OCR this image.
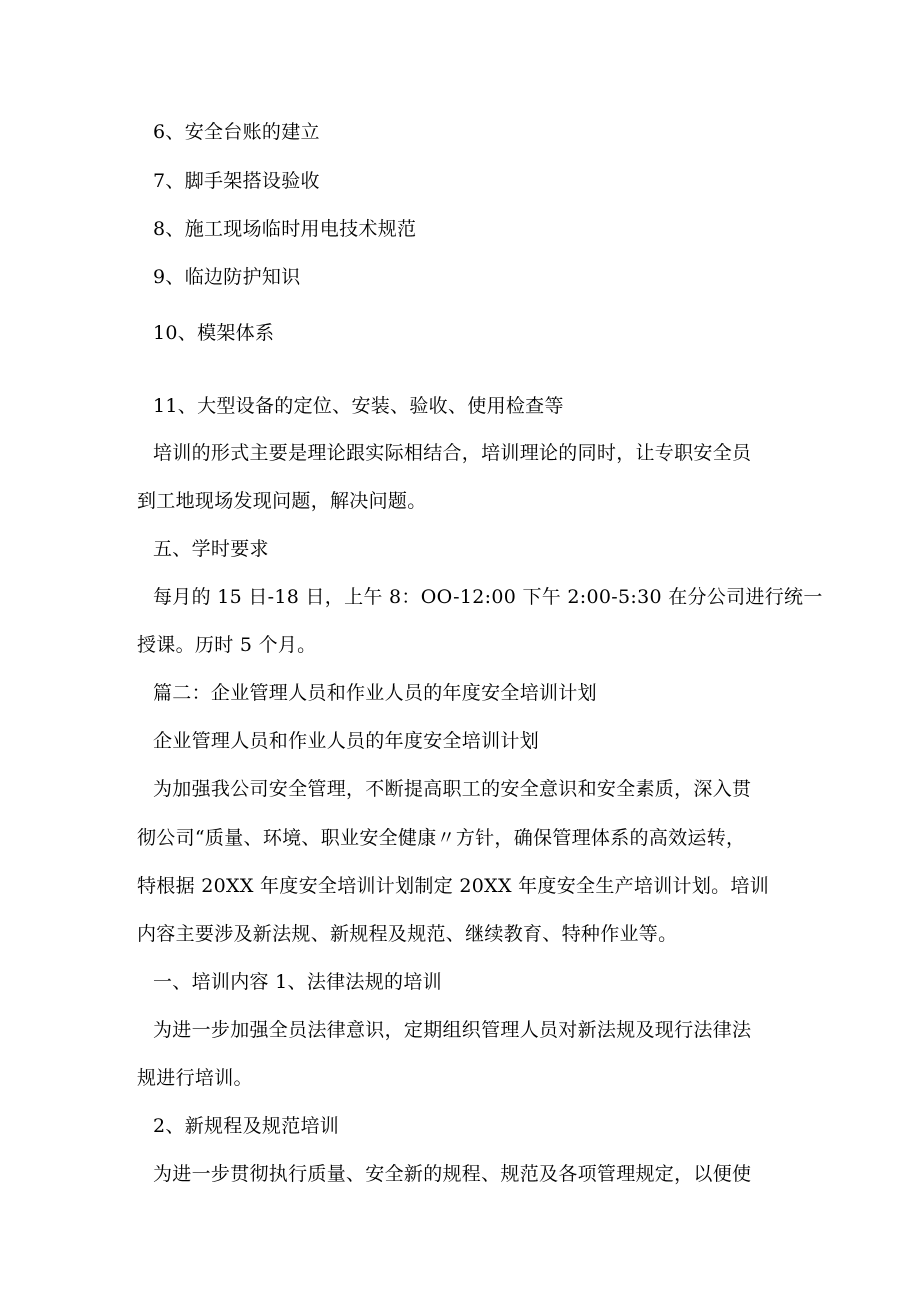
6、安全台账的建立
7、脚手架搭设验收
8、施工现场临时用电技术规范
9、临边防护知识
10、模架体系
11、大型设备的定位、安装、验收、使用检查等
培训的形式主要是理论跟实际相结合，培训理论的同时，让专职安全员
到工地现场发现问题，解决问题。
五、学时要求
每月的 15 日-18 日，上午 8：OO-12:00 下午 2:00-5:30 在分公司进行统一
授课。历时 5 个月。
篇二：企业管理人员和作业人员的年度安全培训计划
企业管理人员和作业人员的年度安全培训计划
为加强我公司安全管理，不断提高职工的安全意识和安全素质，深入贯
彻公司“质量、环境、职业安全健康〃方针，确保管理体系的高效运转，
特根据 20XX 年度安全培训计划制定 20XX 年度安全生产培训计划。培训
内容主要涉及新法规、新规程及规范、继续教育、特种作业等。
一、培训内容 1、法律法规的培训
为进一步加强全员法律意识，定期组织管理人员对新法规及现行法律法
规进行培训。
2、新规程及规范培训
为进一步贯彻执行质量、安全新的规程、规范及各项管理规定，以便使
